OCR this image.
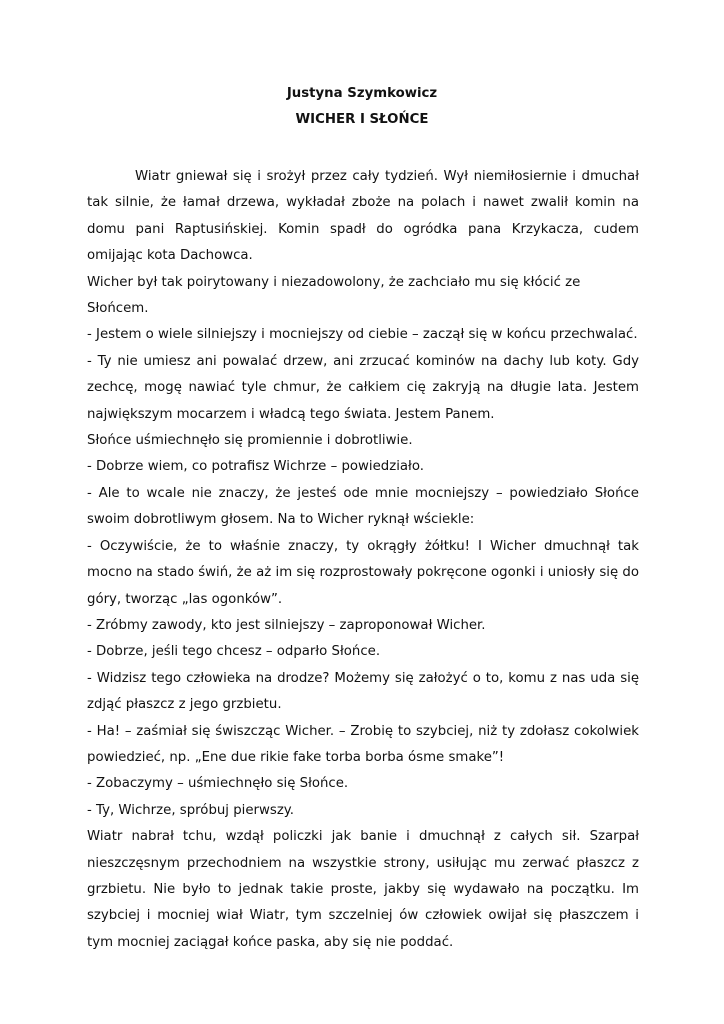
Justyna Szymkowicz
WICHER I SŁOŃCE

Wiatr gniewał się i srożył przez cały tydzień. Wył niemiłosiernie i dmuchał tak silnie, że łamał drzewa, wykładał zboże na polach i nawet zwalił komin na domu pani Raptusińskiej. Komin spadł do ogródka pana Krzykacza, cudem omijając kota Dachowca.

Wicher był tak poirytowany i niezadowolony, że zachciało mu się kłócić ze Słońcem.

- Jestem o wiele silniejszy i mocniejszy od ciebie – zaczął się w końcu przechwalać.

- Ty nie umiesz ani powalać drzew, ani zrzucać kominów na dachy lub koty. Gdy zechcę, mogę nawiać tyle chmur, że całkiem cię zakryją na długie lata. Jestem największym mocarzem i władcą tego świata. Jestem Panem.

Słońce uśmiechnęło się promiennie i dobrotliwie.

- Dobrze wiem, co potrafisz Wichrze – powiedziało.

- Ale to wcale nie znaczy, że jesteś ode mnie mocniejszy – powiedziało Słońce swoim dobrotliwym głosem. Na to Wicher ryknął wściekle:

- Oczywiście, że to właśnie znaczy, ty okrągły żółtku! I Wicher dmuchnął tak mocno na stado świń, że aż im się rozprostowały pokręcone ogonki i uniosły się do góry, tworząc „las ogonków”.

- Zróbmy zawody, kto jest silniejszy – zaproponował Wicher.

- Dobrze, jeśli tego chcesz – odparło Słońce.

- Widzisz tego człowieka na drodze? Możemy się założyć o to, komu z nas uda się zdjąć płaszcz z jego grzbietu.

- Ha! – zaśmiał się świszcząc Wicher. – Zrobię to szybciej, niż ty zdołasz cokolwiek powiedzieć, np. „Ene due rikie fake torba borba ósme smake”!

- Zobaczymy – uśmiechnęło się Słońce.

- Ty, Wichrze, spróbuj pierwszy.

Wiatr nabrał tchu, wzdął policzki jak banie i dmuchnął z całych sił. Szarpał nieszczęsnym przechodniem na wszystkie strony, usiłując mu zerwać płaszcz z grzbietu. Nie było to jednak takie proste, jakby się wydawało na początku. Im szybciej i mocniej wiał Wiatr, tym szczelniej ów człowiek owijał się płaszczem i tym mocniej zaciągał końce paska, aby się nie poddać.
